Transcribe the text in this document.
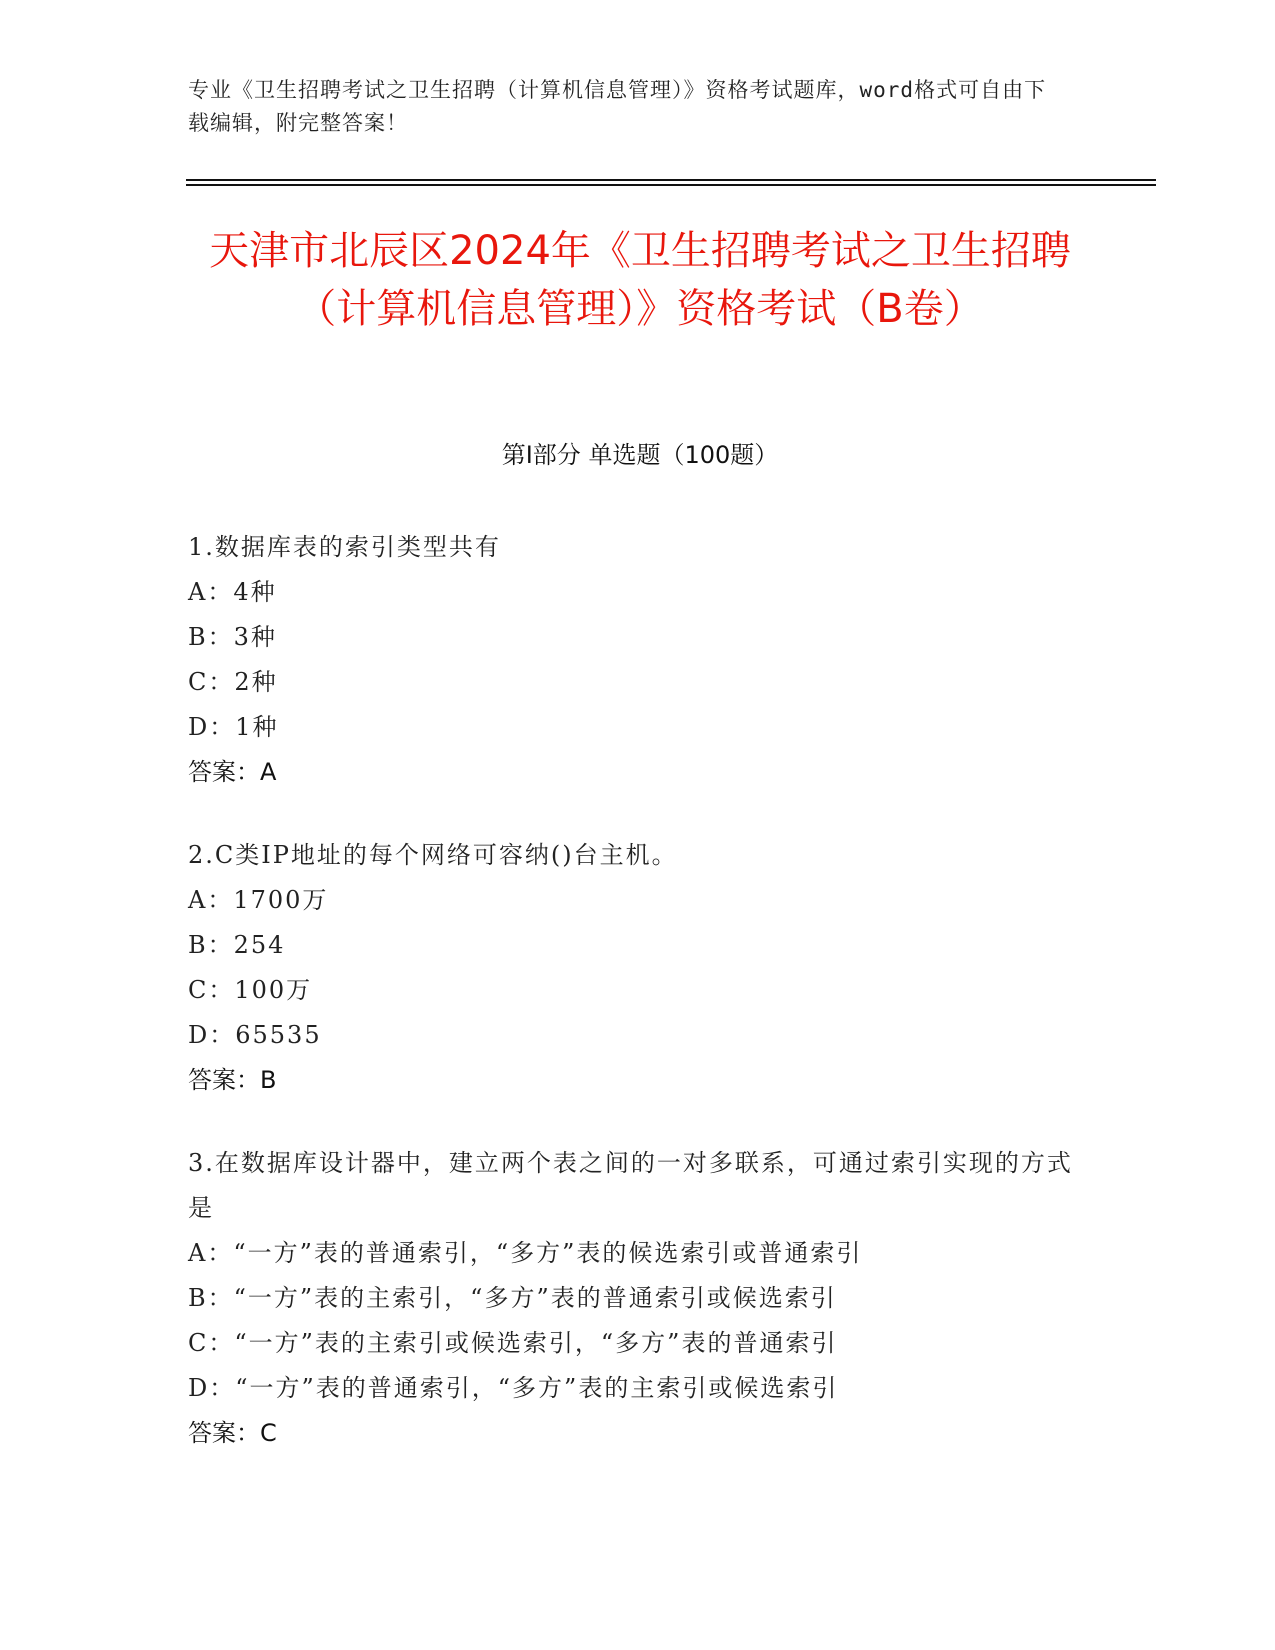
专业《卫生招聘考试之卫生招聘（计算机信息管理）》资格考试题库，word格式可自由下载编辑，附完整答案！
天津市北辰区2024年《卫生招聘考试之卫生招聘（计算机信息管理）》资格考试（B卷）
第Ⅰ部分 单选题（100题）
1.数据库表的索引类型共有
A：4种
B：3种
C：2种
D：1种
答案：A
2.C类IP地址的每个网络可容纳()台主机。
A：1700万
B：254
C：100万
D：65535
答案：B
3.在数据库设计器中，建立两个表之间的一对多联系，可通过索引实现的方式是
A：“一方”表的普通索引，“多方”表的候选索引或普通索引
B：“一方”表的主索引，“多方”表的普通索引或候选索引
C：“一方”表的主索引或候选索引，“多方”表的普通索引
D：“一方”表的普通索引，“多方”表的主索引或候选索引
答案：C
